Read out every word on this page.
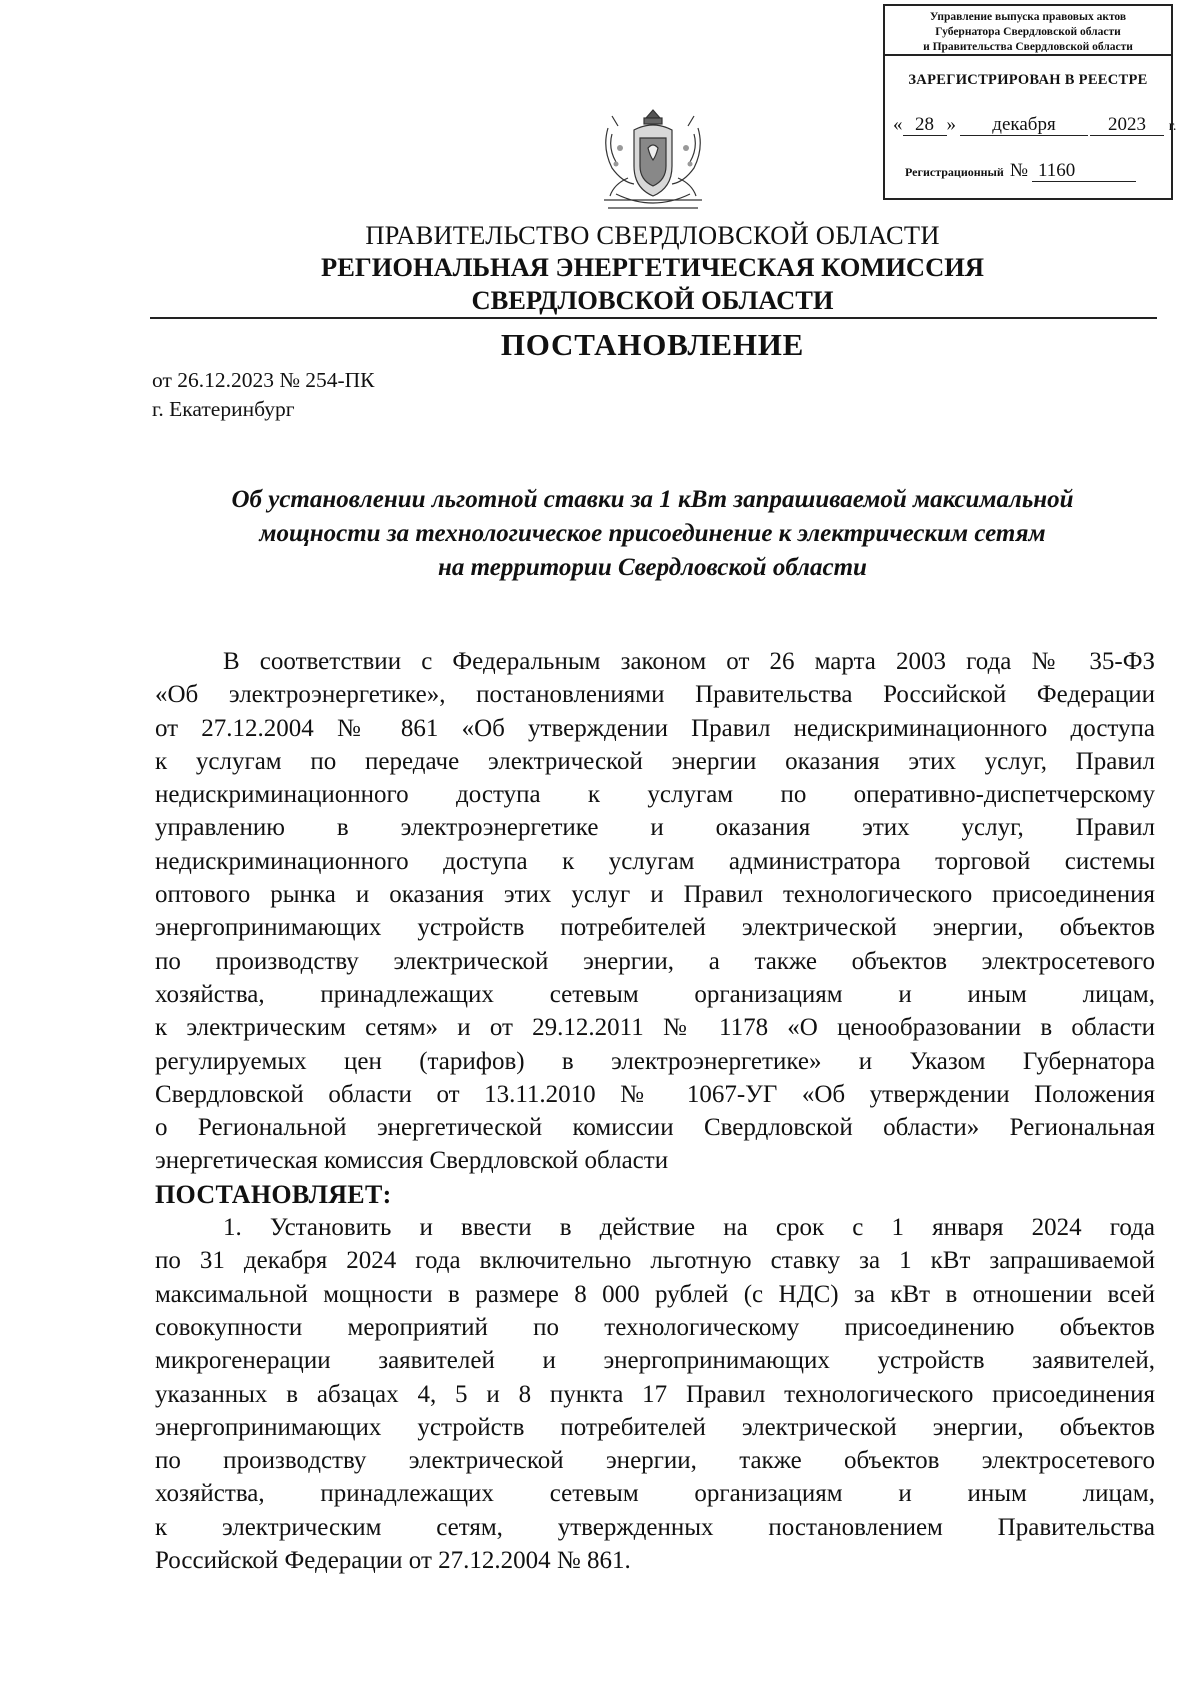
Управление выпуска правовых актов
Губернатора Свердловской области
и Правительства Свердловской области
ЗАРЕГИСТРИРОВАН В РЕЕСТРЕ
« 28 » декабря	2023 г.
Регистрационный № 1160
ПРАВИТЕЛЬСТВО СВЕРДЛОВСКОЙ ОБЛАСТИ
РЕГИОНАЛЬНАЯ ЭНЕРГЕТИЧЕСКАЯ КОМИССИЯ
СВЕРДЛОВСКОЙ ОБЛАСТИ
ПОСТАНОВЛЕНИЕ
от 26.12.2023 № 254-ПК
г. Екатеринбург
Об установлении льготной ставки за 1 кВт запрашиваемой максимальной
мощности за технологическое присоединение к электрическим сетям
на территории Свердловской области
В соответствии с Федеральным законом от 26 марта 2003 года № 35-ФЗ
«Об электроэнергетике», постановлениями Правительства Российской Федерации
от 27.12.2004 № 861 «Об утверждении Правил недискриминационного доступа
к услугам по передаче электрической энергии оказания этих услуг, Правил
недискриминационного доступа к услугам по оперативно-диспетчерскому
управлению в электроэнергетике и оказания этих услуг, Правил
недискриминационного доступа к услугам администратора торговой системы
оптового рынка и оказания этих услуг и Правил технологического присоединения
энергопринимающих устройств потребителей электрической энергии, объектов
по производству электрической энергии, а также объектов электросетевого
хозяйства, принадлежащих сетевым организациям и иным лицам,
к электрическим сетям» и от 29.12.2011 № 1178 «О ценообразовании в области
регулируемых цен (тарифов) в электроэнергетике» и Указом Губернатора
Свердловской области от 13.11.2010 № 1067-УГ «Об утверждении Положения
о Региональной энергетической комиссии Свердловской области» Региональная
энергетическая комиссия Свердловской области
ПОСТАНОВЛЯЕТ:
1. Установить и ввести в действие на срок с 1 января 2024 года
по 31 декабря 2024 года включительно льготную ставку за 1 кВт запрашиваемой
максимальной мощности в размере 8 000 рублей (с НДС) за кВт в отношении всей
совокупности мероприятий по технологическому присоединению объектов
микрогенерации заявителей и энергопринимающих устройств заявителей,
указанных в абзацах 4, 5 и 8 пункта 17 Правил технологического присоединения
энергопринимающих устройств потребителей электрической энергии, объектов
по производству электрической энергии, также объектов электросетевого
хозяйства, принадлежащих сетевым организациям и иным лицам,
к электрическим сетям, утвержденных постановлением Правительства
Российской Федерации от 27.12.2004 № 861.
